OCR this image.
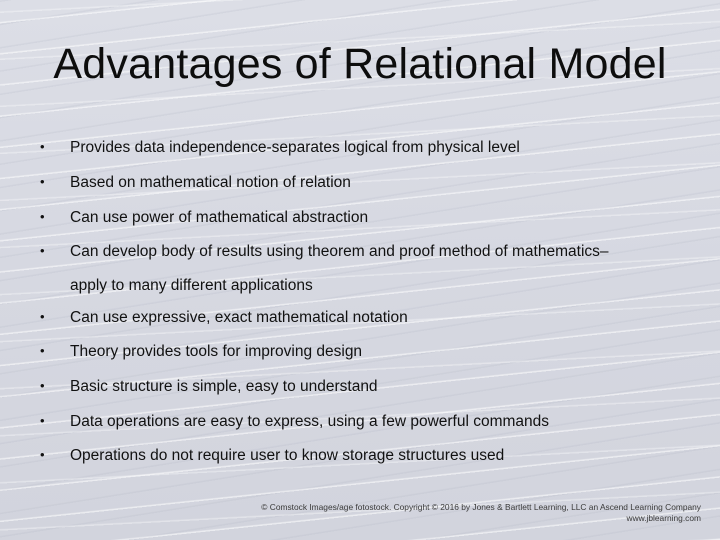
Advantages of Relational Model
• Provides data independence-separates logical from physical level
• Based on mathematical notion of relation
• Can use power of mathematical abstraction
• Can develop body of results using theorem and proof method of mathematics–
apply to many different applications
• Can use expressive, exact mathematical notation
• Theory provides tools for improving design
• Basic structure is simple, easy to understand
• Data operations are easy to express, using a few powerful commands
• Operations do not require user to know storage structures used
© Comstock Images/age fotostock. Copyright © 2016 by Jones & Bartlett Learning, LLC an Ascend Learning Company
www.jblearning.com
